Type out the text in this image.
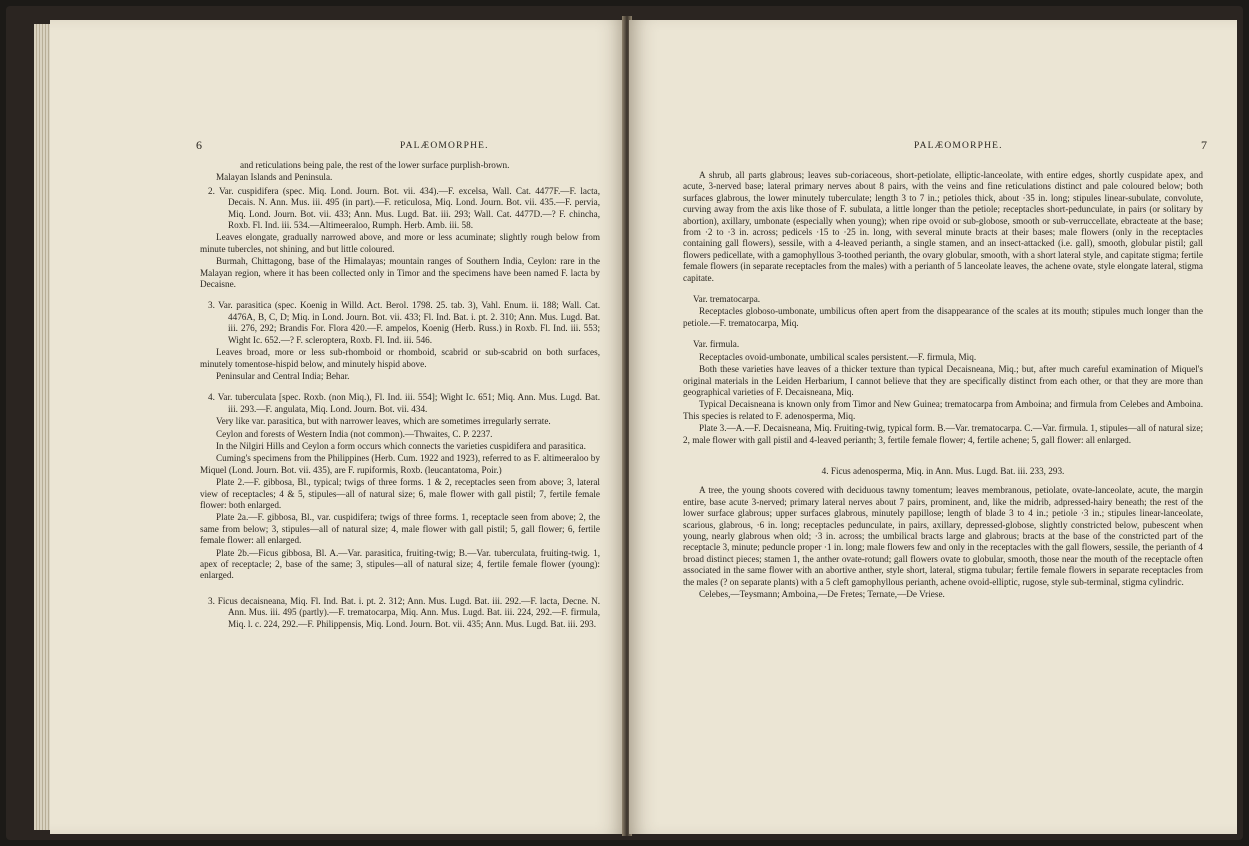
6	PALÆOMORPHE.

and reticulations being pale, the rest of the lower surface purplish-brown.

Malayan Islands and Peninsula.

2. Var. cuspidifera (spec. Miq. Lond. Journ. Bot. vii. 434).—F. excelsa, Wall. Cat. 4477F.—F. lacta, Decais. N. Ann. Mus. iii. 495 (in part).—F. reticulosa, Miq. Lond. Journ. Bot. vii. 435.—F. pervia, Miq. Lond. Journ. Bot. vii. 433; Ann. Mus. Lugd. Bat. iii. 293; Wall. Cat. 4477D.—? F. chincha, Roxb. Fl. Ind. iii. 534.—Altimeeraloo, Rumph. Herb. Amb. iii. 58.

Leaves elongate, gradually narrowed above, and more or less acuminate; slightly rough below from minute tubercles, not shining, and but little coloured.

Burmah, Chittagong, base of the Himalayas; mountain ranges of Southern India, Ceylon: rare in the Malayan region, where it has been collected only in Timor and the specimens have been named F. lacta by Decaisne.

3. Var. parasitica (spec. Koenig in Willd. Act. Berol. 1798. 25. tab. 3), Vahl. Enum. ii. 188; Wall. Cat. 4476A, B, C, D; Miq. in Lond. Journ. Bot. vii. 433; Fl. Ind. Bat. i. pt. 2. 310; Ann. Mus. Lugd. Bat. iii. 276, 292; Brandis For. Flora 420.—F. ampelos, Koenig (Herb. Russ.) in Roxb. Fl. Ind. iii. 553; Wight Ic. 652.—? F. scleroptera, Roxb. Fl. Ind. iii. 546.

Leaves broad, more or less sub-rhomboid or rhomboid, scabrid or sub-scabrid on both surfaces, minutely tomentose-hispid below, and minutely hispid above.

Peninsular and Central India; Behar.

4. Var. tuberculata [spec. Roxb. (non Miq.), Fl. Ind. iii. 554]; Wight Ic. 651; Miq. Ann. Mus. Lugd. Bat. iii. 293.—F. angulata, Miq. Lond. Journ. Bot. vii. 434.

Very like var. parasitica, but with narrower leaves, which are sometimes irregularly serrate.

Ceylon and forests of Western India (not common).—Thwaites, C. P. 2237.

In the Nilgiri Hills and Ceylon a form occurs which connects the varieties cuspidifera and parasitica.

Cuming's specimens from the Philippines (Herb. Cum. 1922 and 1923), referred to as F. altimeeraloo by Miquel (Lond. Journ. Bot. vii. 435), are F. rupiformis, Roxb. (leucantatoma, Poir.)

Plate 2.—F. gibbosa, Bl., typical; twigs of three forms. 1 & 2, receptacles seen from above; 3, lateral view of receptacles; 4 & 5, stipules—all of natural size; 6, male flower with gall pistil; 7, fertile female flower: both enlarged.

Plate 2a.—F. gibbosa, Bl., var. cuspidifera; twigs of three forms. 1, receptacle seen from above; 2, the same from below; 3, stipules—all of natural size; 4, male flower with gall pistil; 5, gall flower; 6, fertile female flower: all enlarged.

Plate 2b.—Ficus gibbosa, Bl. A.—Var. parasitica, fruiting-twig; B.—Var. tuberculata, fruiting-twig. 1, apex of receptacle; 2, base of the same; 3, stipules—all of natural size; 4, fertile female flower (young): enlarged.

3. Ficus decaisneana, Miq. Fl. Ind. Bat. i. pt. 2. 312; Ann. Mus. Lugd. Bat. iii. 292.—F. lacta, Decne. N. Ann. Mus. iii. 495 (partly).—F. trematocarpa, Miq. Ann. Mus. Lugd. Bat. iii. 224, 292.—F. firmula, Miq. l. c. 224, 292.—F. Philippensis, Miq. Lond. Journ. Bot. vii. 435; Ann. Mus. Lugd. Bat. iii. 293.

PALÆOMORPHE.	7

A shrub, all parts glabrous; leaves sub-coriaceous, short-petiolate, elliptic-lanceolate, with entire edges, shortly cuspidate apex, and acute, 3-nerved base; lateral primary nerves about 8 pairs, with the veins and fine reticulations distinct and pale coloured below; both surfaces glabrous, the lower minutely tuberculate; length 3 to 7 in.; petioles thick, about ·35 in. long; stipules linear-subulate, convolute, curving away from the axis like those of F. subulata, a little longer than the petiole; receptacles short-pedunculate, in pairs (or solitary by abortion), axillary, umbonate (especially when young); when ripe ovoid or sub-globose, smooth or sub-verruccellate, ebracteate at the base; from ·2 to ·3 in. across; pedicels ·15 to ·25 in. long, with several minute bracts at their bases; male flowers (only in the receptacles containing gall flowers), sessile, with a 4-leaved perianth, a single stamen, and an insect-attacked (i.e. gall), smooth, globular pistil; gall flowers pedicellate, with a gamophyllous 3-toothed perianth, the ovary globular, smooth, with a short lateral style, and capitate stigma; fertile female flowers (in separate receptacles from the males) with a perianth of 5 lanceolate leaves, the achene ovate, style elongate lateral, stigma capitate.

Var. trematocarpa.

Receptacles globoso-umbonate, umbilicus often apert from the disappearance of the scales at its mouth; stipules much longer than the petiole.—F. trematocarpa, Miq.

Var. firmula.

Receptacles ovoid-umbonate, umbilical scales persistent.—F. firmula, Miq.

Both these varieties have leaves of a thicker texture than typical Decaisneana, Miq.; but, after much careful examination of Miquel's original materials in the Leiden Herbarium, I cannot believe that they are specifically distinct from each other, or that they are more than geographical varieties of F. Decaisneana, Miq.

Typical Decaisneana is known only from Timor and New Guinea; trematocarpa from Amboina; and firmula from Celebes and Amboina. This species is related to F. adenosperma, Miq.

Plate 3.—A.—F. Decaisneana, Miq. Fruiting-twig, typical form. B.—Var. trematocarpa. C.—Var. firmula. 1, stipules—all of natural size; 2, male flower with gall pistil and 4-leaved perianth; 3, fertile female flower; 4, fertile achene; 5, gall flower: all enlarged.

4. Ficus adenosperma, Miq. in Ann. Mus. Lugd. Bat. iii. 233, 293.

A tree, the young shoots covered with deciduous tawny tomentum; leaves membranous, petiolate, ovate-lanceolate, acute, the margin entire, base acute 3-nerved; primary lateral nerves about 7 pairs, prominent, and, like the midrib, adpressed-hairy beneath; the rest of the lower surface glabrous; upper surfaces glabrous, minutely papillose; length of blade 3 to 4 in.; petiole ·3 in.; stipules linear-lanceolate, scarious, glabrous, ·6 in. long; receptacles pedunculate, in pairs, axillary, depressed-globose, slightly constricted below, pubescent when young, nearly glabrous when old; ·3 in. across; the umbilical bracts large and glabrous; bracts at the base of the constricted part of the receptacle 3, minute; peduncle proper ·1 in. long; male flowers few and only in the receptacles with the gall flowers, sessile, the perianth of 4 broad distinct pieces; stamen 1, the anther ovate-rotund; gall flowers ovate to globular, smooth, those near the mouth of the receptacle often associated in the same flower with an abortive anther, style short, lateral, stigma tubular; fertile female flowers in separate receptacles from the males (? on separate plants) with a 5 cleft gamophyllous perianth, achene ovoid-elliptic, rugose, style sub-terminal, stigma cylindric.

Celebes,—Teysmann; Amboina,—De Fretes; Ternate,—De Vriese.
